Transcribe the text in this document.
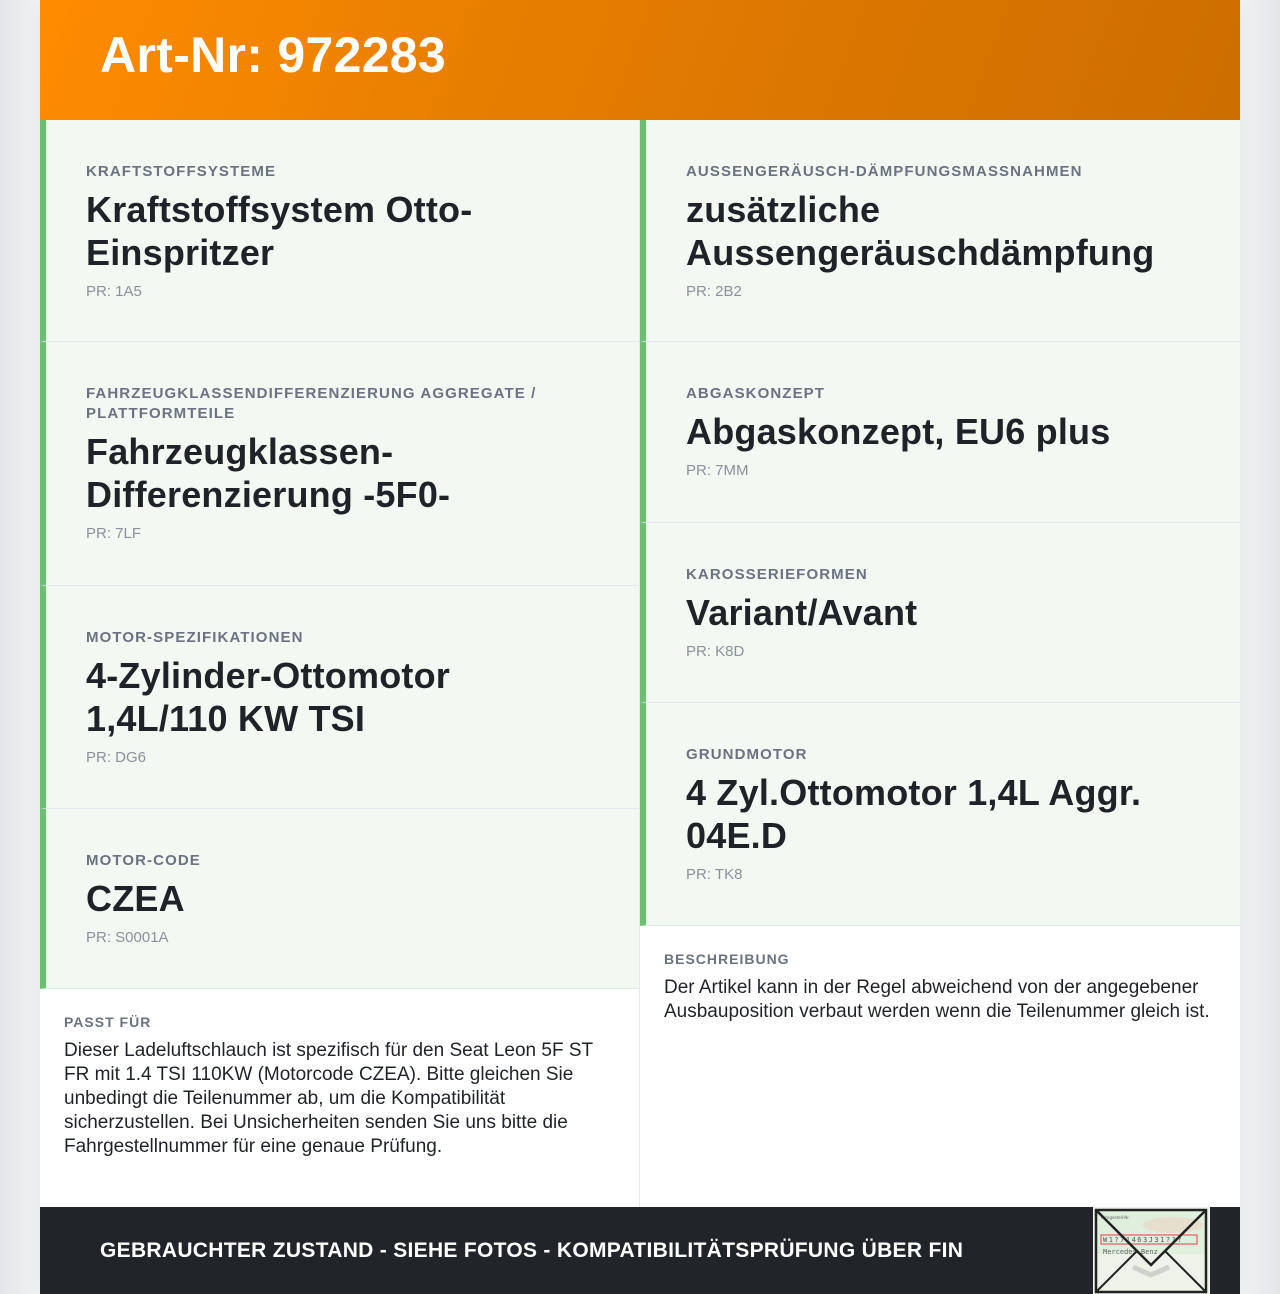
Art-Nr: 972283
KRAFTSTOFFSYSTEME
Kraftstoffsystem Otto-Einspritzer
PR: 1A5
FAHRZEUGKLASSENDIFFERENZIERUNG AGGREGATE / PLATTFORMTEILE
Fahrzeugklassen-Differenzierung -5F0-
PR: 7LF
MOTOR-SPEZIFIKATIONEN
4-Zylinder-Ottomotor 1,4L/110 KW TSI
PR: DG6
MOTOR-CODE
CZEA
PR: S0001A
PASST FÜR
Dieser Ladeluftschlauch ist spezifisch für den Seat Leon 5F ST FR mit 1.4 TSI 110KW (Motorcode CZEA). Bitte gleichen Sie unbedingt die Teilenummer ab, um die Kompatibilität sicherzustellen. Bei Unsicherheiten senden Sie uns bitte die Fahrgestellnummer für eine genaue Prüfung.
AUSSENGERÄUSCH-DÄMPFUNGSMASSNAHMEN
zusätzliche Aussengeräuschdämpfung
PR: 2B2
ABGASKONZEPT
Abgaskonzept, EU6 plus
PR: 7MM
KAROSSERIEFORMEN
Variant/Avant
PR: K8D
GRUNDMOTOR
4 Zyl.Ottomotor 1,4L Aggr. 04E.D
PR: TK8
BESCHREIBUNG
Der Artikel kann in der Regel abweichend von der angegebener Ausbauposition verbaut werden wenn die Teilenummer gleich ist.
GEBRAUCHTER ZUSTAND - SIEHE FOTOS - KOMPATIBILITÄTSPRÜFUNG ÜBER FIN
Fahrgestell-Nr.
W1?71463J31???
Mercedes-Benz
